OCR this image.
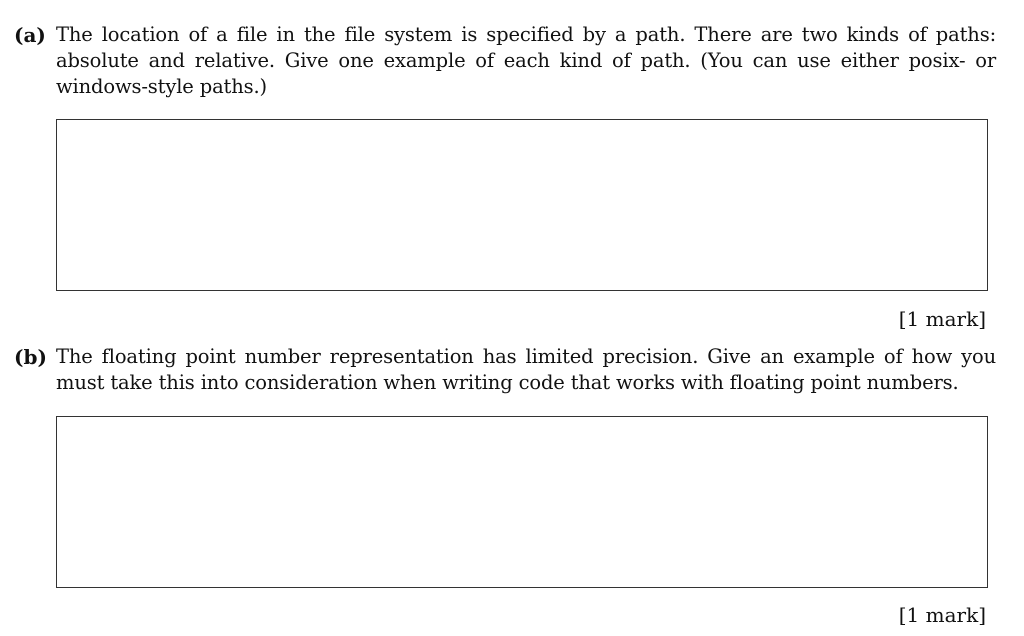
(a) The location of a file in the file system is specified by a path. There are two kinds of paths: absolute and relative. Give one example of each kind of path. (You can use either posix- or windows-style paths.)
[1 mark]
(b) The floating point number representation has limited precision. Give an example of how you must take this into consideration when writing code that works with floating point numbers.
[1 mark]
